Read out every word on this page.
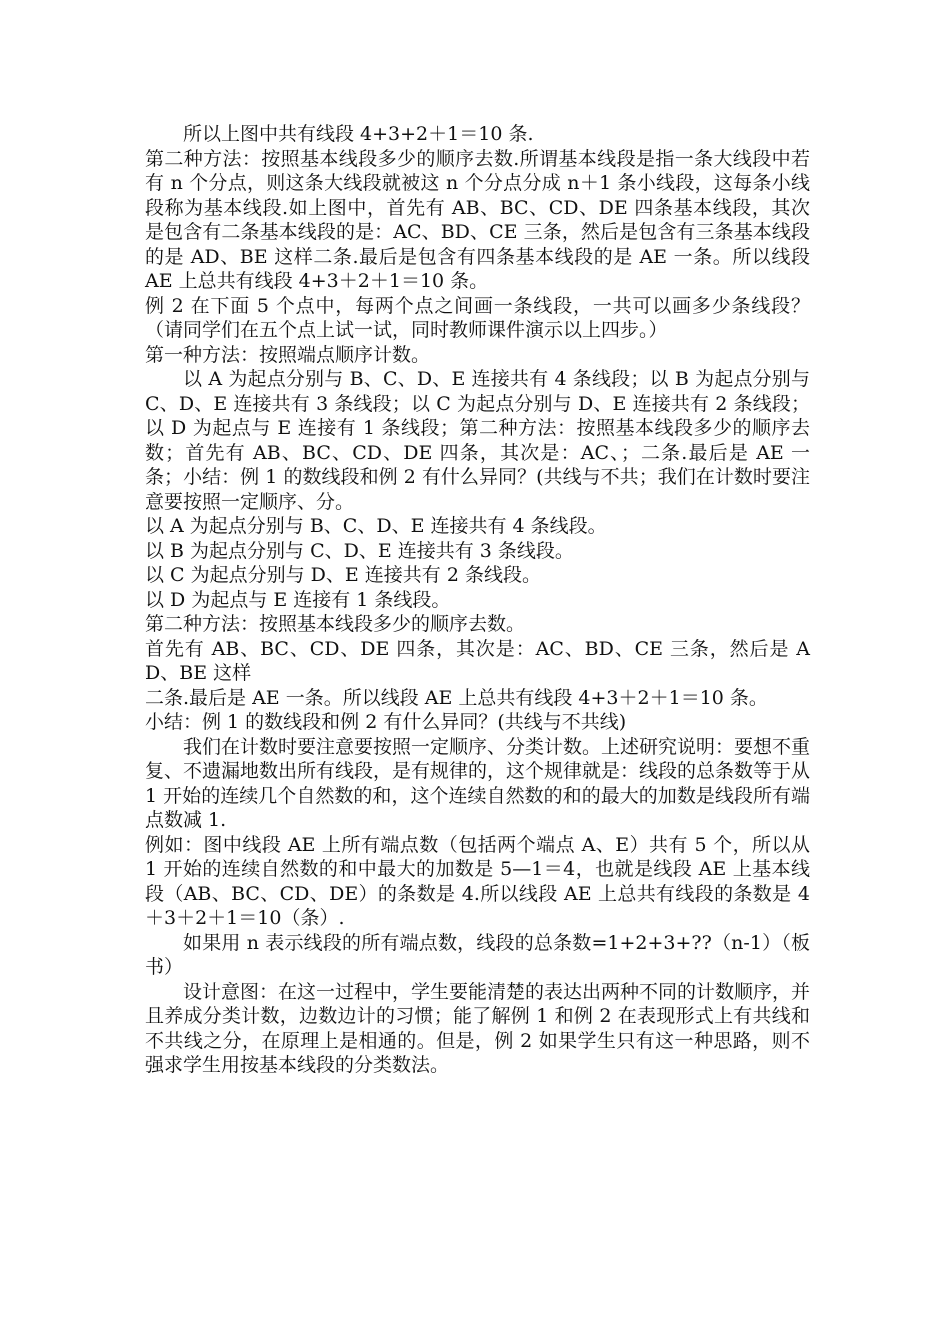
所以上图中共有线段 4+3+2＋1＝10 条.

第二种方法：按照基本线段多少的顺序去数.所谓基本线段是指一条大线段中若有 n 个分点，则这条大线段就被这 n 个分点分成 n＋1 条小线段，这每条小线段称为基本线段.如上图中，首先有 AB、BC、CD、DE 四条基本线段，其次是包含有二条基本线段的是：AC、BD、CE 三条，然后是包含有三条基本线段的是 AD、BE 这样二条.最后是包含有四条基本线段的是 AE 一条。所以线段 AE 上总共有线段 4+3＋2＋1＝10 条。

例 2 在下面 5 个点中，每两个点之间画一条线段，一共可以画多少条线段？（请同学们在五个点上试一试，同时教师课件演示以上四步。）

第一种方法：按照端点顺序计数。

以 A 为起点分别与 B、C、D、E 连接共有 4 条线段；以 B 为起点分别与 C、D、E 连接共有 3 条线段；以 C 为起点分别与 D、E 连接共有 2 条线段；以 D 为起点与 E 连接有 1 条线段；第二种方法：按照基本线段多少的顺序去数；首先有 AB、BC、CD、DE 四条，其次是：AC、；二条.最后是 AE 一条；小结：例 1 的数线段和例 2 有什么异同？(共线与不共；我们在计数时要注意要按照一定顺序、分。

以 A 为起点分别与 B、C、D、E 连接共有 4 条线段。

以 B 为起点分别与 C、D、E 连接共有 3 条线段。

以 C 为起点分别与 D、E 连接共有 2 条线段。

以 D 为起点与 E 连接有 1 条线段。

第二种方法：按照基本线段多少的顺序去数。

首先有 AB、BC、CD、DE 四条，其次是：AC、BD、CE 三条，然后是 AD、BE 这样

二条.最后是 AE 一条。所以线段 AE 上总共有线段 4+3＋2＋1＝10 条。

小结：例 1 的数线段和例 2 有什么异同？(共线与不共线)

我们在计数时要注意要按照一定顺序、分类计数。上述研究说明：要想不重复、不遗漏地数出所有线段，是有规律的，这个规律就是：线段的总条数等于从 1 开始的连续几个自然数的和，这个连续自然数的和的最大的加数是线段所有端点数减 1.

例如：图中线段 AE 上所有端点数（包括两个端点 A、E）共有 5 个，所以从 1 开始的连续自然数的和中最大的加数是 5—1＝4，也就是线段 AE 上基本线段（AB、BC、CD、DE）的条数是 4.所以线段 AE 上总共有线段的条数是 4＋3＋2＋1＝10（条）.

如果用 n 表示线段的所有端点数，线段的总条数=1+2+3+??（n-1）（板书）

设计意图：在这一过程中，学生要能清楚的表达出两种不同的计数顺序，并且养成分类计数，边数边计的习惯；能了解例 1 和例 2 在表现形式上有共线和不共线之分，在原理上是相通的。但是，例 2 如果学生只有这一种思路，则不强求学生用按基本线段的分类数法。
